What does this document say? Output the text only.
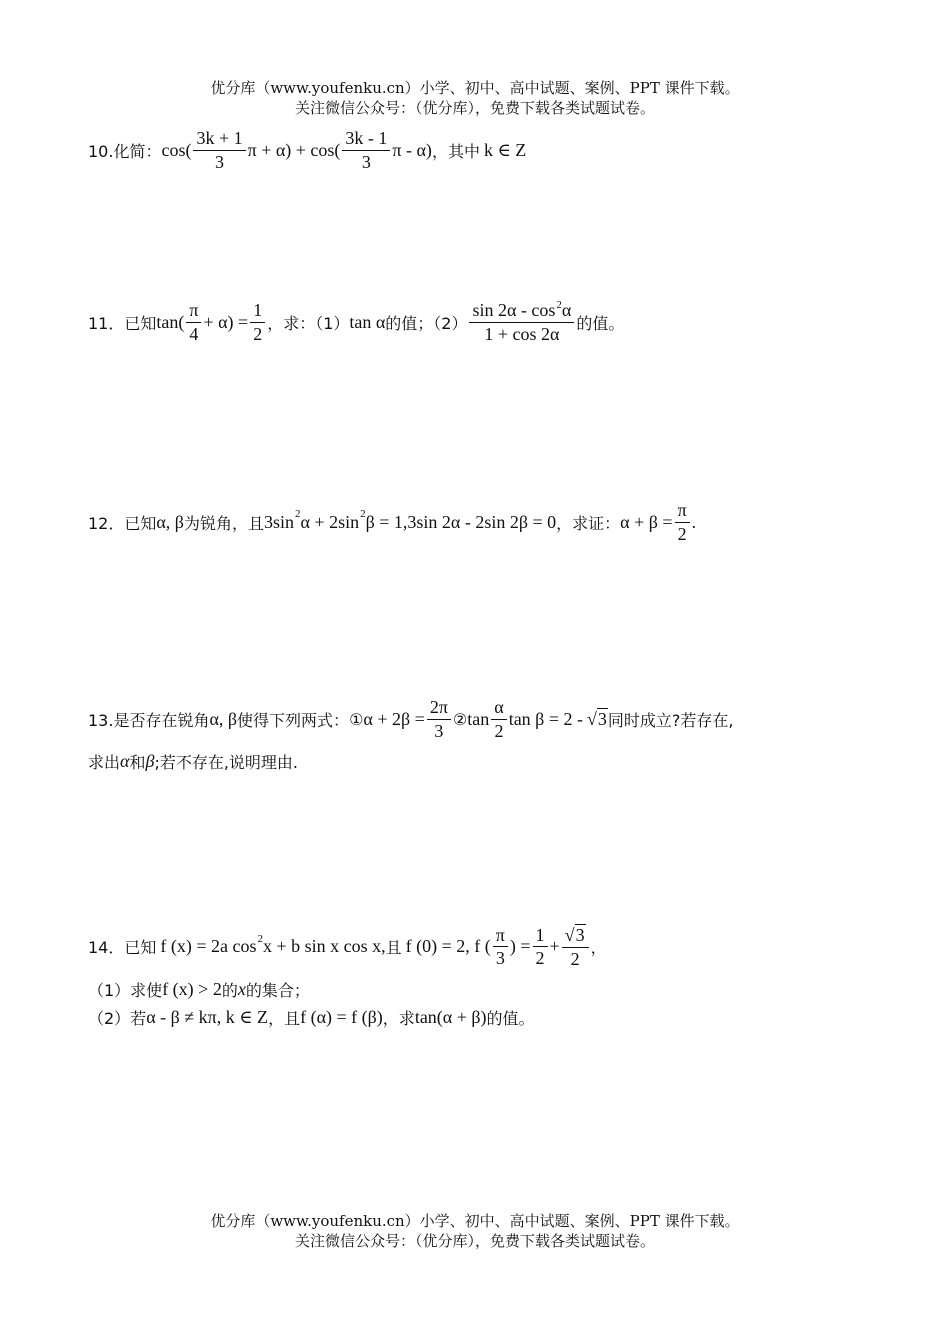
优分库（www.youfenku.cn）小学、初中、高中试题、案例、PPT 课件下载。
关注微信公众号：（优分库），免费下载各类试题试卷。
10.化简： $\cos( \frac{3k + 1}{3}$ $\pi + \alpha) + \cos( \frac{3k - 1}{3}$ π - α) ，其中 k ∈ Z
11．已知 $\tan( \frac{\pi}{4} + \alpha) = \frac{1}{2}$ ，求：（1） tan α 的值；$(2) \frac{\sin 2\alpha - \cos^2\alpha}{1 + \cos 2\alpha}$ 的值。
12．已知 α, β 为锐角，且 3sin 2 α + 2sin 2 β = 1,3sin 2α - 2sin 2β = 0 ，求证： $\alpha + \beta = \frac{\pi}{2}$ .
13.是否存在锐角 α, β 使得下列两式： ① $\alpha + 2\beta = \frac{2\pi}{3}$ ② $\tan \frac{\alpha}{2}$ tan β = 2 - √ 3 同时成立?若存在,
求出 α 和 β ;若不存在,说明理由.
14．已知 f (x) = 2a cos 2 x + b sin x cos x, 且 f (0) = 2, f ( $\frac{\pi}{3}$ ) = $\frac{1}{2} + \frac{√ 3}{2}$ ，
（1）求使 f (x) > 2 的 x 的集合；
（2）若 α - β ≠ kπ, k ∈ Z ，且 f (α) = f (β) ，求 tan(α + β) 的值。
优分库（www.youfenku.cn）小学、初中、高中试题、案例、PPT 课件下载。
关注微信公众号：（优分库），免费下载各类试题试卷。
